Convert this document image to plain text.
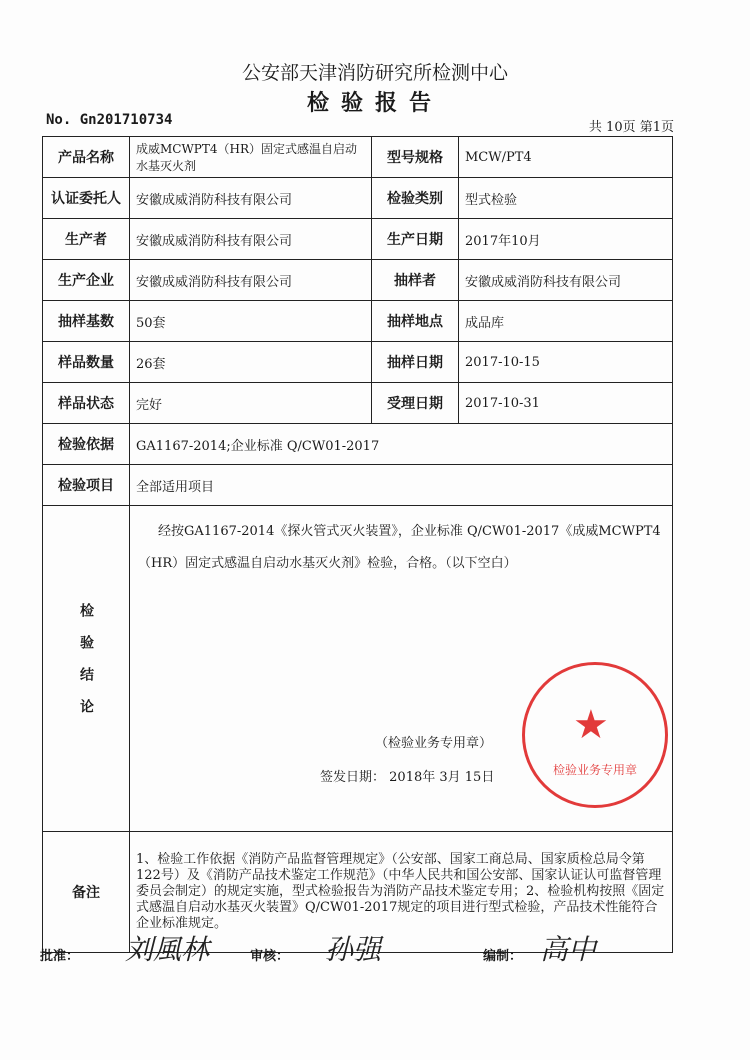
公安部天津消防研究所检测中心
检验报告
No. Gn201710734	共 10页 第1页
产品名称	成威MCWPT4（HR）固定式感温自启动水基灭火剂	型号规格	MCW/PT4
认证委托人	安徽成威消防科技有限公司	检验类别	型式检验
生产者	安徽成威消防科技有限公司	生产日期	2017年10月
生产企业	安徽成威消防科技有限公司	抽样者	安徽成威消防科技有限公司
抽样基数	50套	抽样地点	成品库
样品数量	26套	抽样日期	2017-10-15
样品状态	完好	受理日期	2017-10-31
检验依据	GA1167-2014;企业标准 Q/CW01-2017		
检验项目	全部适用项目		
检验结论	经按GA1167-2014《探火管式灭火装置》，企业标准 Q/CW01-2017《成威MCWPT4（HR）固定式感温自启动水基灭火剂》检验，合格。（以下空白）		

备注	1、检验工作依据《消防产品监督管理规定》（公安部、国家工商总局、国家质检总局令第122号）及《消防产品技术鉴定工作规范》（中华人民共和国公安部、国家认证认可监督管理委员会制定）的规定实施，型式检验报告为消防产品技术鉴定专用；2、检验机构按照《固定式感温自启动水基灭火装置》Q/CW01-2017规定的项目进行型式检验，产品技术性能符合企业标准规定。		
★
检验业务专用章
（检验业务专用章）
签发日期： 2018年 3月 15日
批准： 刘風林	审核： 孙强	编制： 高中
